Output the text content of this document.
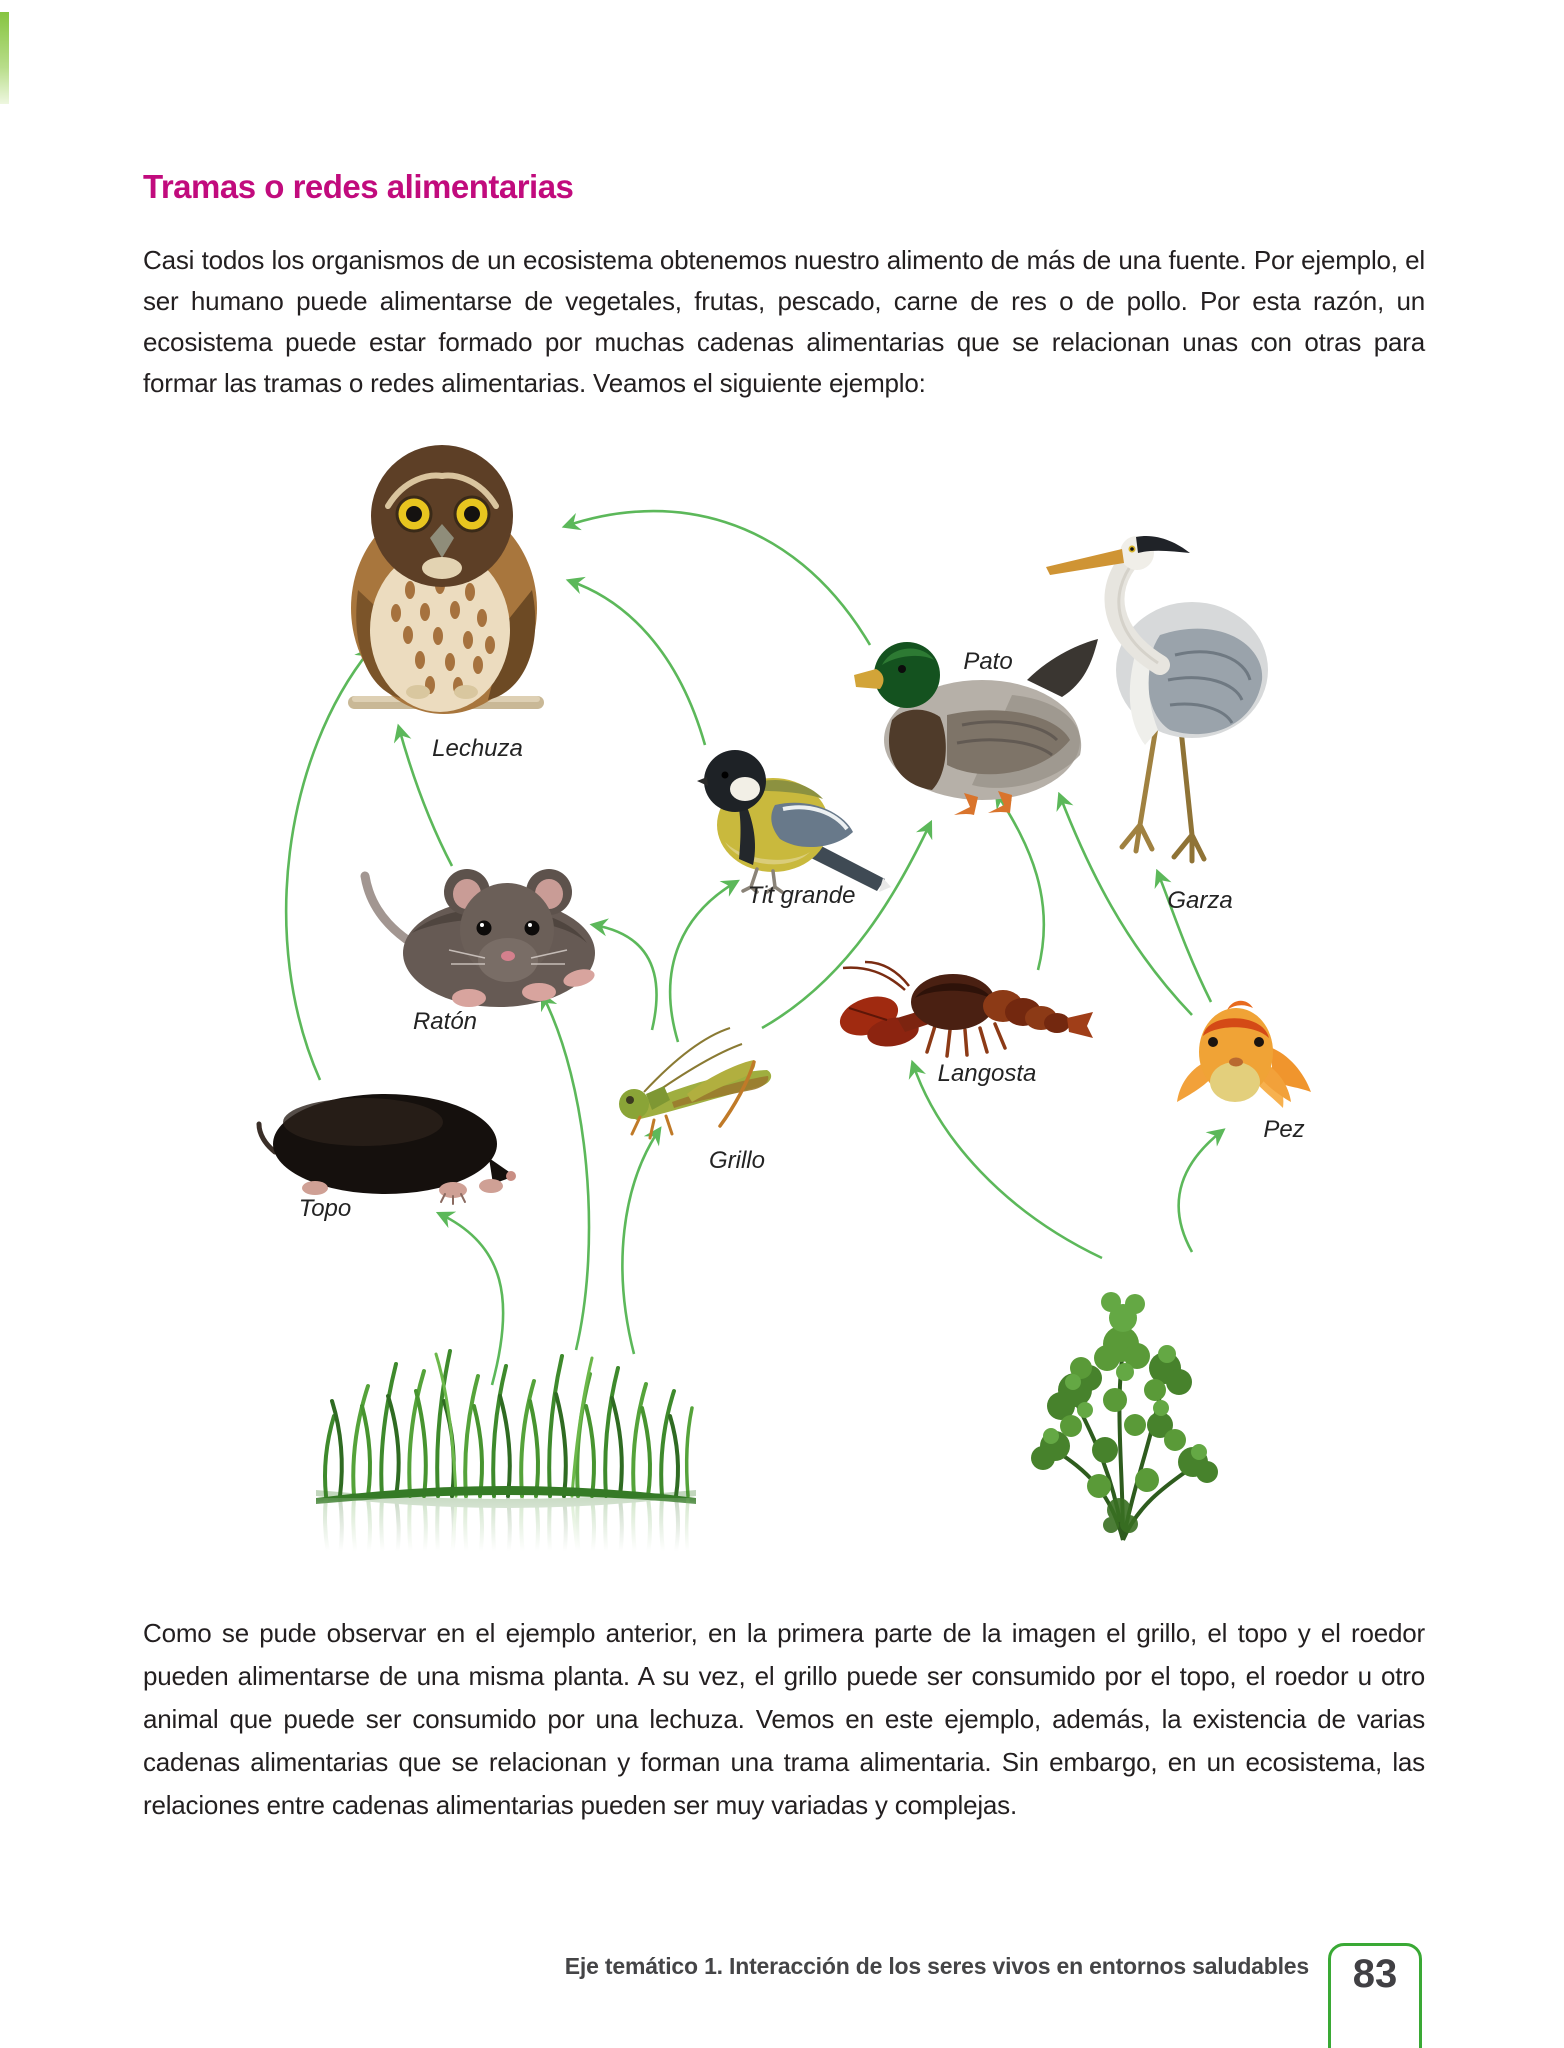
Tramas o redes alimentarias

Casi todos los organismos de un ecosistema obtenemos nuestro alimento de más de una fuente. Por ejemplo, el ser humano puede alimentarse de vegetales, frutas, pescado, carne de res o de pollo. Por esta razón, un ecosistema puede estar formado por muchas cadenas alimentarias que se relacionan unas con otras para formar las tramas o redes alimentarias. Veamos el siguiente ejemplo:

Lechuza
Pato
Garza
Tit grande
Ratón
Grillo
Langosta
Pez
Topo

Como se pude observar en el ejemplo anterior, en la primera parte de la imagen el grillo, el topo y el roedor pueden alimentarse de una misma planta. A su vez, el grillo puede ser consumido por el topo, el roedor u otro animal que puede ser consumido por una lechuza. Vemos en este ejemplo, además, la existencia de varias cadenas alimentarias que se relacionan y forman una trama alimentaria. Sin embargo, en un ecosistema, las relaciones entre cadenas alimentarias pueden ser muy variadas y complejas.

Eje temático 1. Interacción de los seres vivos en entornos saludables 83
